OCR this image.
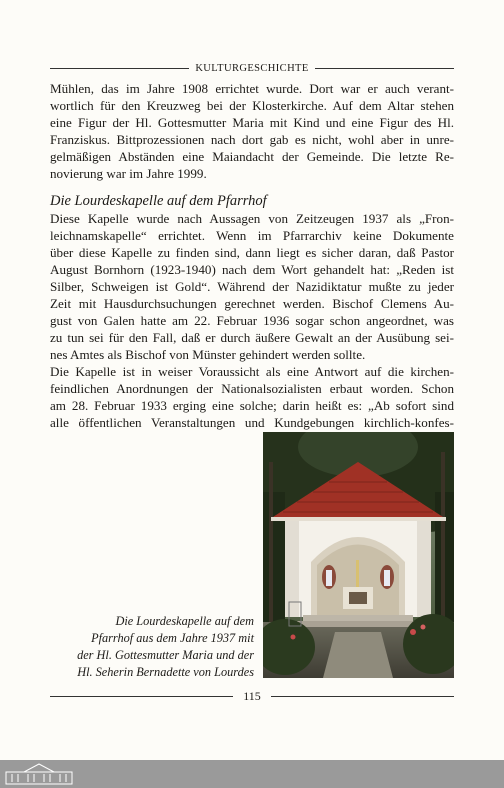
KULTURGESCHICHTE
Mühlen, das im Jahre 1908 errichtet wurde. Dort war er auch verant-
wortlich für den Kreuzweg bei der Klosterkirche. Auf dem Altar stehen
eine Figur der Hl. Gottesmutter Maria mit Kind und eine Figur des Hl.
Franziskus. Bittprozessionen nach dort gab es nicht, wohl aber in unre-
gelmäßigen Abständen eine Maiandacht der Gemeinde. Die letzte Re-
novierung war im Jahre 1999.
Die Lourdeskapelle auf dem Pfarrhof
Diese Kapelle wurde nach Aussagen von Zeitzeugen 1937 als „Fron-
leichnamskapelle“ errichtet. Wenn im Pfarrarchiv keine Dokumente
über diese Kapelle zu finden sind, dann liegt es sicher daran, daß Pastor
August Bornhorn (1923-1940) nach dem Wort gehandelt hat: „Reden ist
Silber, Schweigen ist Gold“. Während der Nazidiktatur mußte zu jeder
Zeit mit Hausdurchsuchungen gerechnet werden. Bischof Clemens Au-
gust von Galen hatte am 22. Februar 1936 sogar schon angeordnet, was
zu tun sei für den Fall, daß er durch äußere Gewalt an der Ausübung sei-
nes Amtes als Bischof von Münster gehindert werden sollte.
Die Kapelle ist in weiser Voraussicht als eine Antwort auf die kirchen-
feindlichen Anordnungen der Nationalsozialisten erbaut worden. Schon
am 28. Februar 1933 erging eine solche; darin heißt es: „Ab sofort sind
alle öffentlichen Veranstaltungen und Kundgebungen kirchlich-konfes-
Die Lourdeskapelle auf dem
Pfarrhof aus dem Jahre 1937 mit
der Hl. Gottesmutter Maria und der
Hl. Seherin Bernadette von Lourdes
115
